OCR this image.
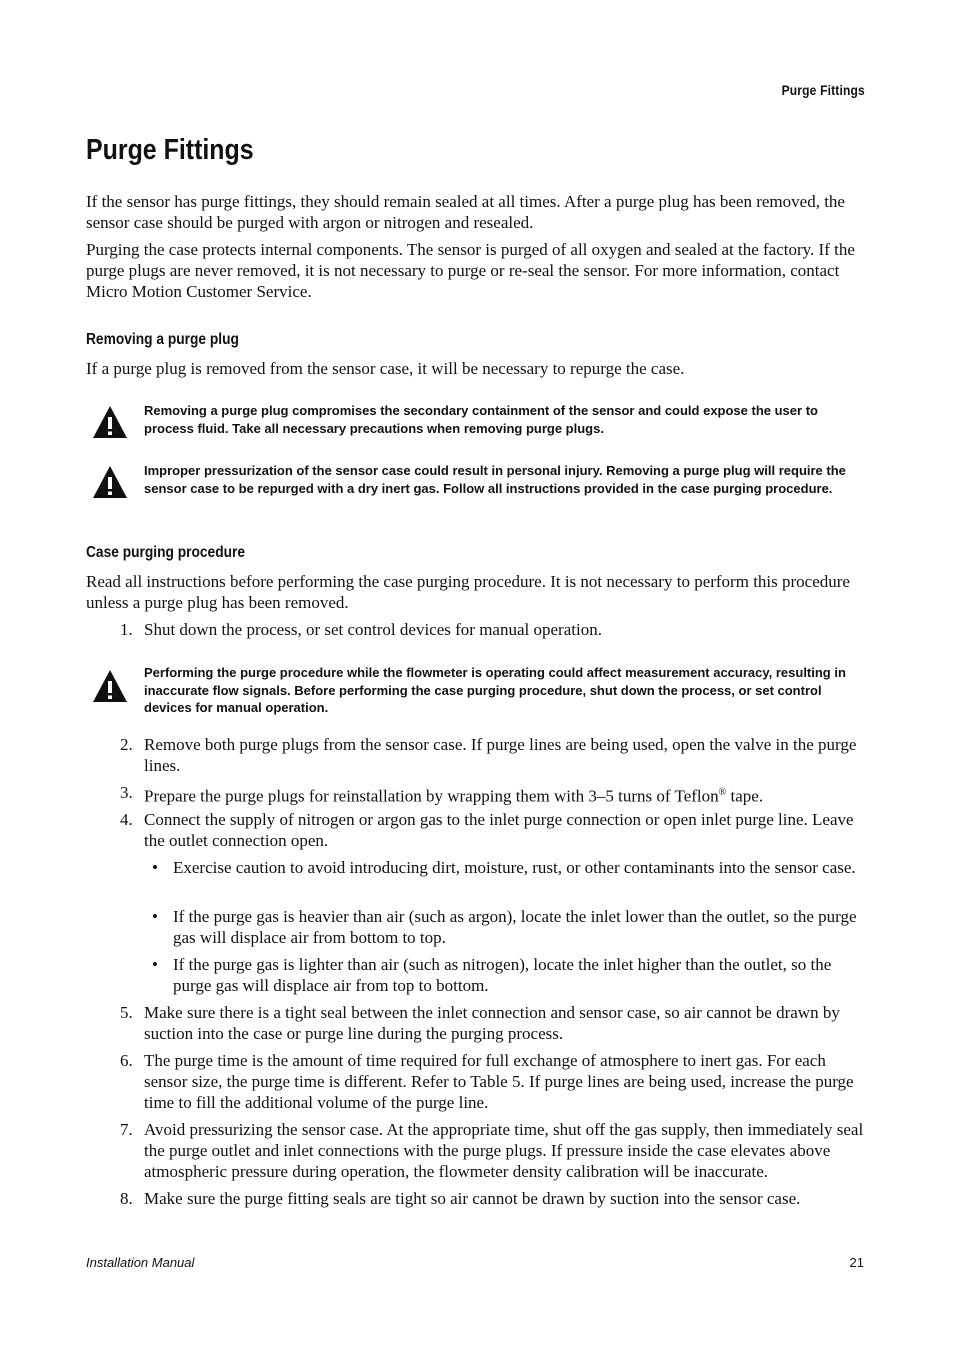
Purge Fittings
Purge Fittings

If the sensor has purge fittings, they should remain sealed at all times. After a purge plug has been removed, the sensor case should be purged with argon or nitrogen and resealed.

Purging the case protects internal components. The sensor is purged of all oxygen and sealed at the factory. If the purge plugs are never removed, it is not necessary to purge or re-seal the sensor. For more information, contact Micro Motion Customer Service.

Removing a purge plug

If a purge plug is removed from the sensor case, it will be necessary to repurge the case.

Removing a purge plug compromises the secondary containment of the sensor and could expose the user to process fluid. Take all necessary precautions when removing purge plugs.

Improper pressurization of the sensor case could result in personal injury. Removing a purge plug will require the sensor case to be repurged with a dry inert gas. Follow all instructions provided in the case purging procedure.

Case purging procedure

Read all instructions before performing the case purging procedure. It is not necessary to perform this procedure unless a purge plug has been removed.

1. Shut down the process, or set control devices for manual operation.

Performing the purge procedure while the flowmeter is operating could affect measurement accuracy, resulting in inaccurate flow signals. Before performing the case purging procedure, shut down the process, or set control devices for manual operation.

2. Remove both purge plugs from the sensor case. If purge lines are being used, open the valve in the purge lines.
3. Prepare the purge plugs for reinstallation by wrapping them with 3–5 turns of Teflon® tape.
4. Connect the supply of nitrogen or argon gas to the inlet purge connection or open inlet purge line. Leave the outlet connection open.
• Exercise caution to avoid introducing dirt, moisture, rust, or other contaminants into the sensor case.
• If the purge gas is heavier than air (such as argon), locate the inlet lower than the outlet, so the purge gas will displace air from bottom to top.
• If the purge gas is lighter than air (such as nitrogen), locate the inlet higher than the outlet, so the purge gas will displace air from top to bottom.
5. Make sure there is a tight seal between the inlet connection and sensor case, so air cannot be drawn by suction into the case or purge line during the purging process.
6. The purge time is the amount of time required for full exchange of atmosphere to inert gas. For each sensor size, the purge time is different. Refer to Table 5. If purge lines are being used, increase the purge time to fill the additional volume of the purge line.
7. Avoid pressurizing the sensor case. At the appropriate time, shut off the gas supply, then immediately seal the purge outlet and inlet connections with the purge plugs. If pressure inside the case elevates above atmospheric pressure during operation, the flowmeter density calibration will be inaccurate.
8. Make sure the purge fitting seals are tight so air cannot be drawn by suction into the sensor case.
Installation Manual	21
